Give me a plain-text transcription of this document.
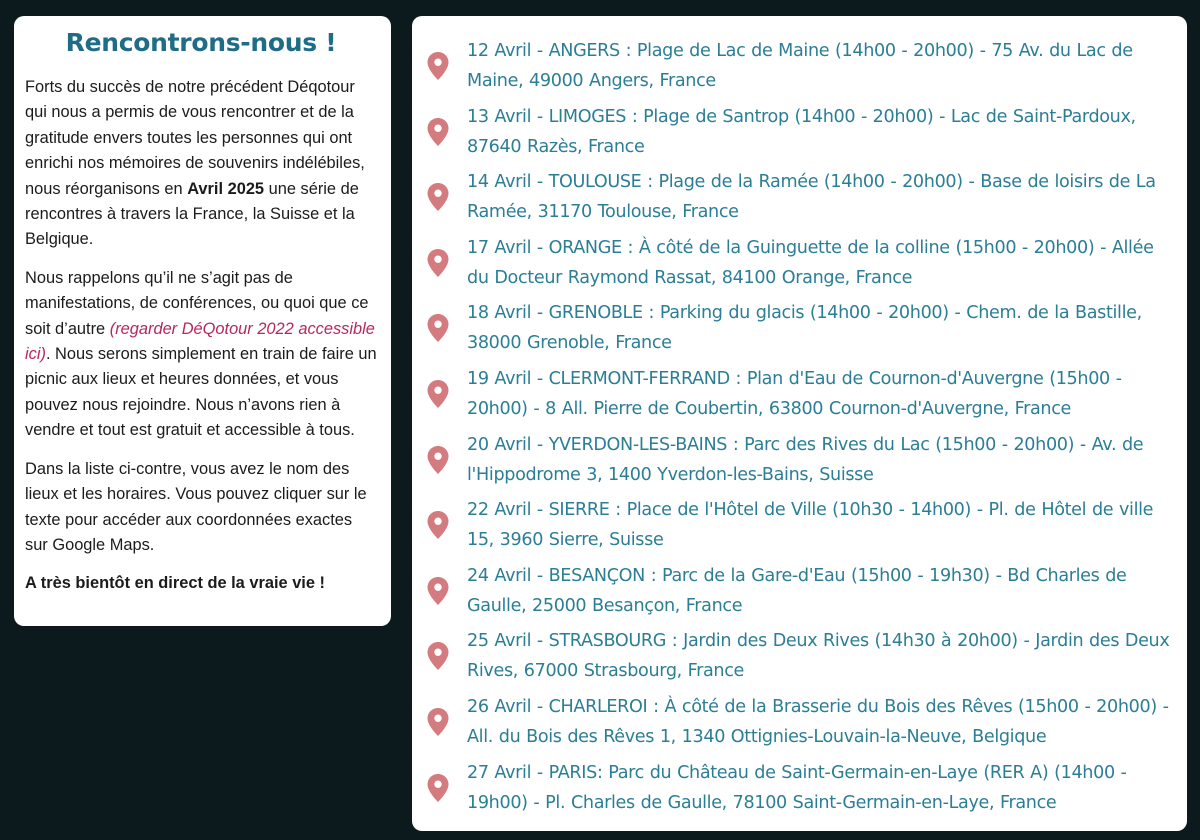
Rencontrons-nous !

Forts du succès de notre précédent Déqotour qui nous a permis de vous rencontrer et de la gratitude envers toutes les personnes qui ont enrichi nos mémoires de souvenirs indélébiles, nous réorganisons en Avril 2025 une série de rencontres à travers la France, la Suisse et la Belgique.

Nous rappelons qu’il ne s’agit pas de manifestations, de conférences, ou quoi que ce soit d’autre (regarder DéQotour 2022 accessible ici). Nous serons simplement en train de faire un picnic aux lieux et heures données, et vous pouvez nous rejoindre. Nous n’avons rien à vendre et tout est gratuit et accessible à tous.

Dans la liste ci-contre, vous avez le nom des lieux et les horaires. Vous pouvez cliquer sur le texte pour accéder aux coordonnées exactes sur Google Maps.

A très bientôt en direct de la vraie vie !

12 Avril - ANGERS : Plage de Lac de Maine (14h00 - 20h00) - 75 Av. du Lac de Maine, 49000 Angers, France
13 Avril - LIMOGES : Plage de Santrop (14h00 - 20h00) - Lac de Saint-Pardoux, 87640 Razès, France
14 Avril - TOULOUSE : Plage de la Ramée (14h00 - 20h00) - Base de loisirs de La Ramée, 31170 Toulouse, France
17 Avril - ORANGE : À côté de la Guinguette de la colline (15h00 - 20h00) - Allée du Docteur Raymond Rassat, 84100 Orange, France
18 Avril - GRENOBLE : Parking du glacis (14h00 - 20h00) - Chem. de la Bastille, 38000 Grenoble, France
19 Avril - CLERMONT-FERRAND : Plan d'Eau de Cournon-d'Auvergne (15h00 - 20h00) - 8 All. Pierre de Coubertin, 63800 Cournon-d'Auvergne, France
20 Avril - YVERDON-LES-BAINS : Parc des Rives du Lac (15h00 - 20h00) - Av. de l'Hippodrome 3, 1400 Yverdon-les-Bains, Suisse
22 Avril - SIERRE : Place de l'Hôtel de Ville (10h30 - 14h00) - Pl. de Hôtel de ville 15, 3960 Sierre, Suisse
24 Avril - BESANÇON : Parc de la Gare-d'Eau (15h00 - 19h30) - Bd Charles de Gaulle, 25000 Besançon, France
25 Avril - STRASBOURG : Jardin des Deux Rives (14h30 à 20h00) - Jardin des Deux Rives, 67000 Strasbourg, France
26 Avril - CHARLEROI : À côté de la Brasserie du Bois des Rêves (15h00 - 20h00) - All. du Bois des Rêves 1, 1340 Ottignies-Louvain-la-Neuve, Belgique
27 Avril - PARIS: Parc du Château de Saint-Germain-en-Laye (RER A) (14h00 - 19h00) - Pl. Charles de Gaulle, 78100 Saint-Germain-en-Laye, France
